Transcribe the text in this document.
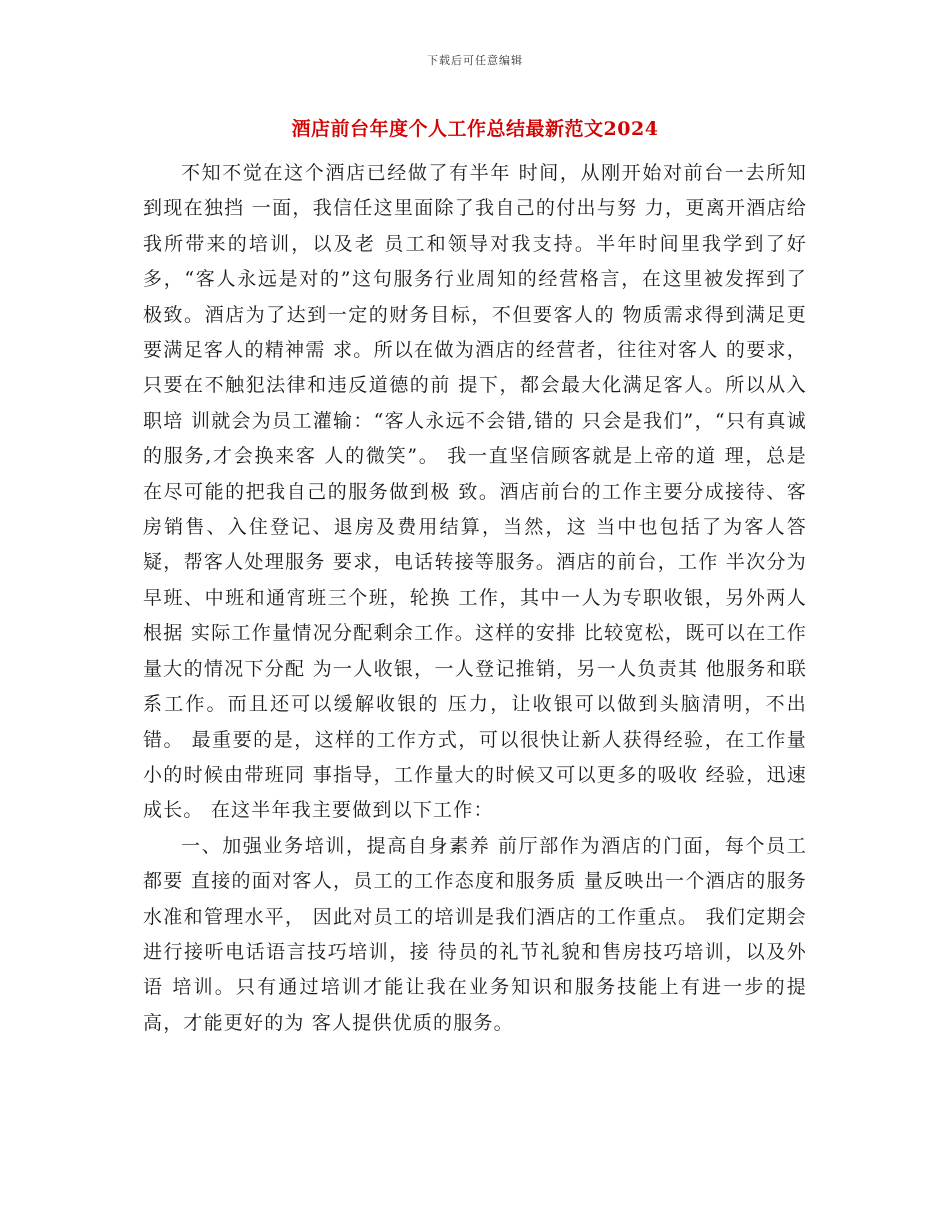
下载后可任意编辑
酒店前台年度个人工作总结最新范文2024

不知不觉在这个酒店已经做了有半年 时间，从刚开始对前台一去所知到现在独挡 一面，我信任这里面除了我自己的付出与努 力，更离开酒店给我所带来的培训，以及老 员工和领导对我支持。半年时间里我学到了好多，“客人永远是对的”这句服务行业周知的经营格言，在这里被发挥到了极致。酒店为了达到一定的财务目标，不但要客人的 物质需求得到满足更要满足客人的精神需 求。所以在做为酒店的经营者，往往对客人 的要求，只要在不触犯法律和违反道德的前 提下，都会最大化满足客人。所以从入职培 训就会为员工灌输：“客人永远不会错,错的 只会是我们”，“只有真诚的服务,才会换来客 人的微笑”。 我一直坚信顾客就是上帝的道 理，总是在尽可能的把我自己的服务做到极 致。酒店前台的工作主要分成接待、客房销售、入住登记、退房及费用结算，当然，这 当中也包括了为客人答疑，帮客人处理服务 要求，电话转接等服务。酒店的前台，工作 半次分为早班、中班和通宵班三个班，轮换 工作，其中一人为专职收银，另外两人根据 实际工作量情况分配剩余工作。这样的安排 比较宽松，既可以在工作量大的情况下分配 为一人收银，一人登记推销，另一人负责其 他服务和联系工作。而且还可以缓解收银的 压力，让收银可以做到头脑清明，不出错。 最重要的是，这样的工作方式，可以很快让新人获得经验，在工作量小的时候由带班同 事指导，工作量大的时候又可以更多的吸收 经验，迅速成长。 在这半年我主要做到以下工作：

一、加强业务培训，提高自身素养 前厅部作为酒店的门面，每个员工都要 直接的面对客人，员工的工作态度和服务质 量反映出一个酒店的服务水准和管理水平， 因此对员工的培训是我们酒店的工作重点。 我们定期会进行接听电话语言技巧培训，接 待员的礼节礼貌和售房技巧培训，以及外语 培训。只有通过培训才能让我在业务知识和服务技能上有进一步的提高，才能更好的为 客人提供优质的服务。
